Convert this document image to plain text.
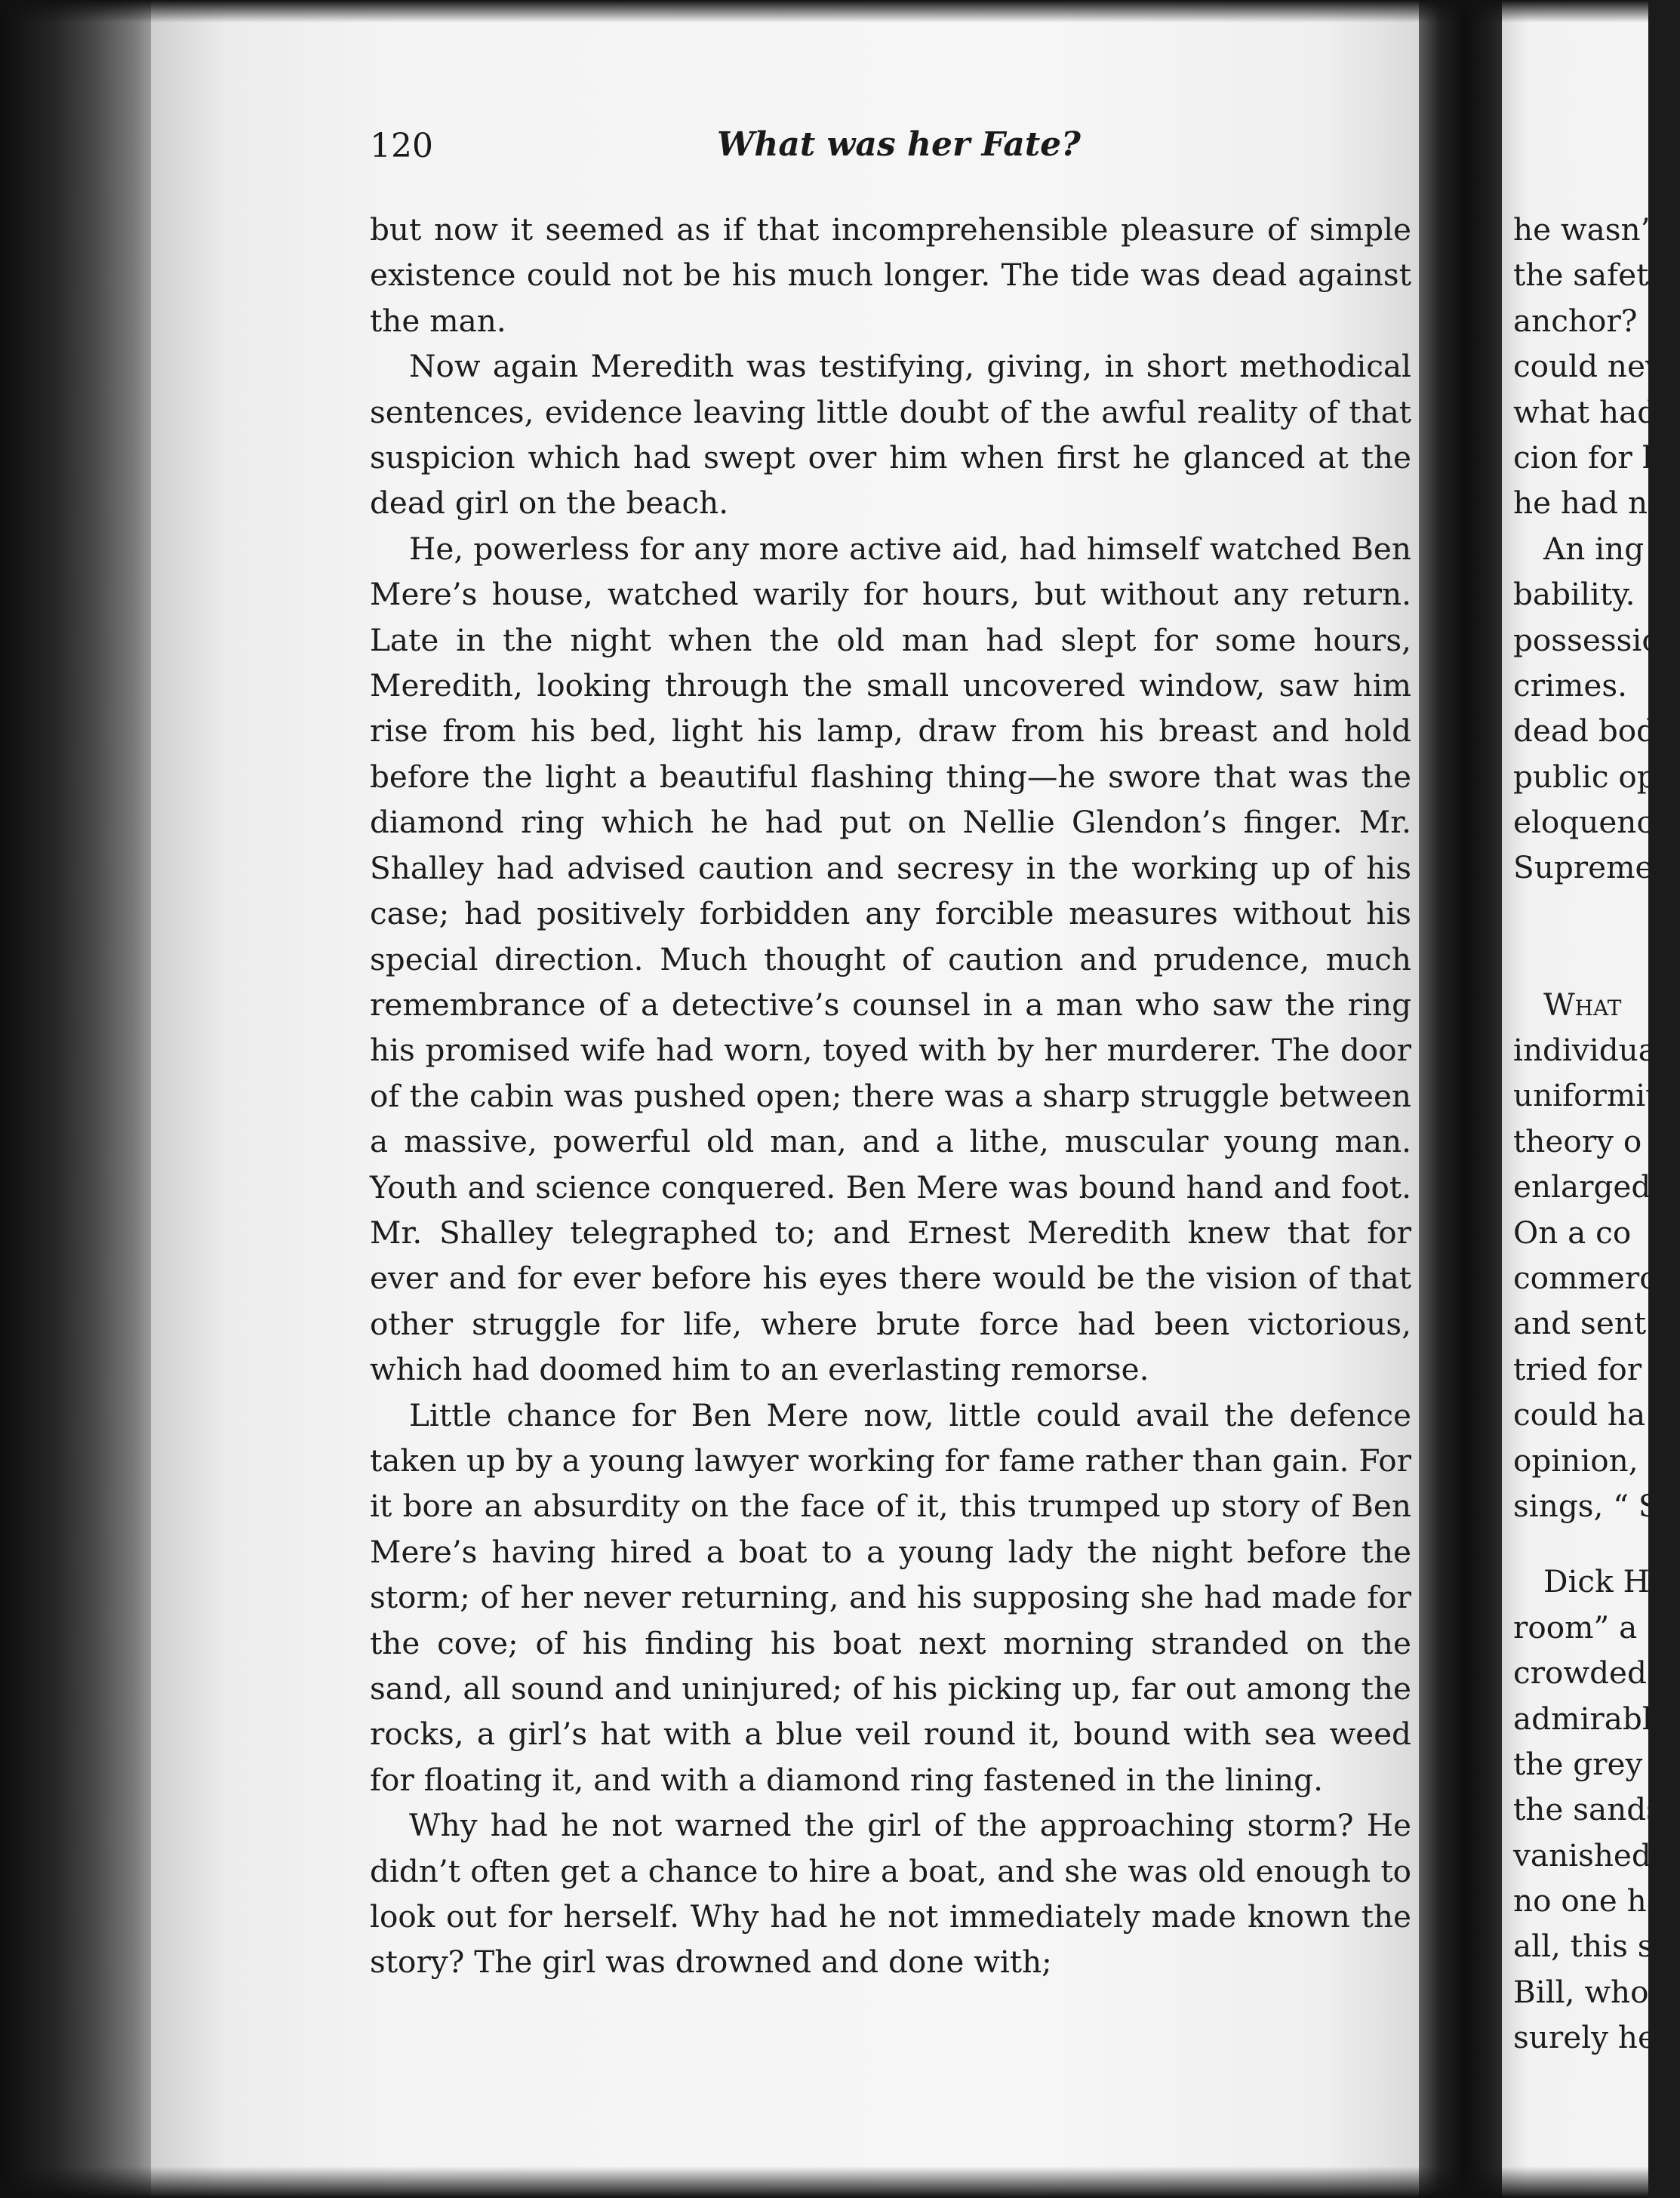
120	What was her Fate?

but now it seemed as if that incomprehensible pleasure of simple existence could not be his much longer. The tide was dead against the man.

Now again Meredith was testifying, giving, in short methodical sentences, evidence leaving little doubt of the awful reality of that suspicion which had swept over him when first he glanced at the dead girl on the beach.

He, powerless for any more active aid, had himself watched Ben Mere’s house, watched warily for hours, but without any return. Late in the night when the old man had slept for some hours, Meredith, looking through the small uncovered window, saw him rise from his bed, light his lamp, draw from his breast and hold before the light a beautiful flashing thing—he swore that was the diamond ring which he had put on Nellie Glendon’s finger. Mr. Shalley had advised caution and secresy in the working up of his case; had positively forbidden any forcible measures without his special direction. Much thought of caution and prudence, much remembrance of a detective’s counsel in a man who saw the ring his promised wife had worn, toyed with by her murderer. The door of the cabin was pushed open; there was a sharp struggle between a massive, powerful old man, and a lithe, muscular young man. Youth and science conquered. Ben Mere was bound hand and foot. Mr. Shalley telegraphed to; and Ernest Meredith knew that for ever and for ever before his eyes there would be the vision of that other struggle for life, where brute force had been victorious, which had doomed him to an everlasting remorse.

Little chance for Ben Mere now, little could avail the defence taken up by a young lawyer working for fame rather than gain. For it bore an absurdity on the face of it, this trumped up story of Ben Mere’s having hired a boat to a young lady the night before the storm; of her never returning, and his supposing she had made for the cove; of his finding his boat next morning stranded on the sand, all sound and uninjured; of his picking up, far out among the rocks, a girl’s hat with a blue veil round it, bound with sea weed for floating it, and with a diamond ring fastened in the lining.

Why had he not warned the girl of the approaching storm? He didn’t often get a chance to hire a boat, and she was old enough to look out for herself. Why had he not immediately made known the story? The girl was drowned and done with;

he wasn’t
the safety
anchor?
could nev
what had
cion for h
he had ne
An ing
bability.
possession
crimes.
dead bodi
public op
eloquence
Supreme
What
individua
uniformit
theory o
enlarged
On a co
commerc
and sent
tried for
could ha
opinion,
sings, “ S
Dick H
room” a
crowded
admirabl
the grey
the sands
vanished
no one ha
all, this s
Bill, who
surely he
